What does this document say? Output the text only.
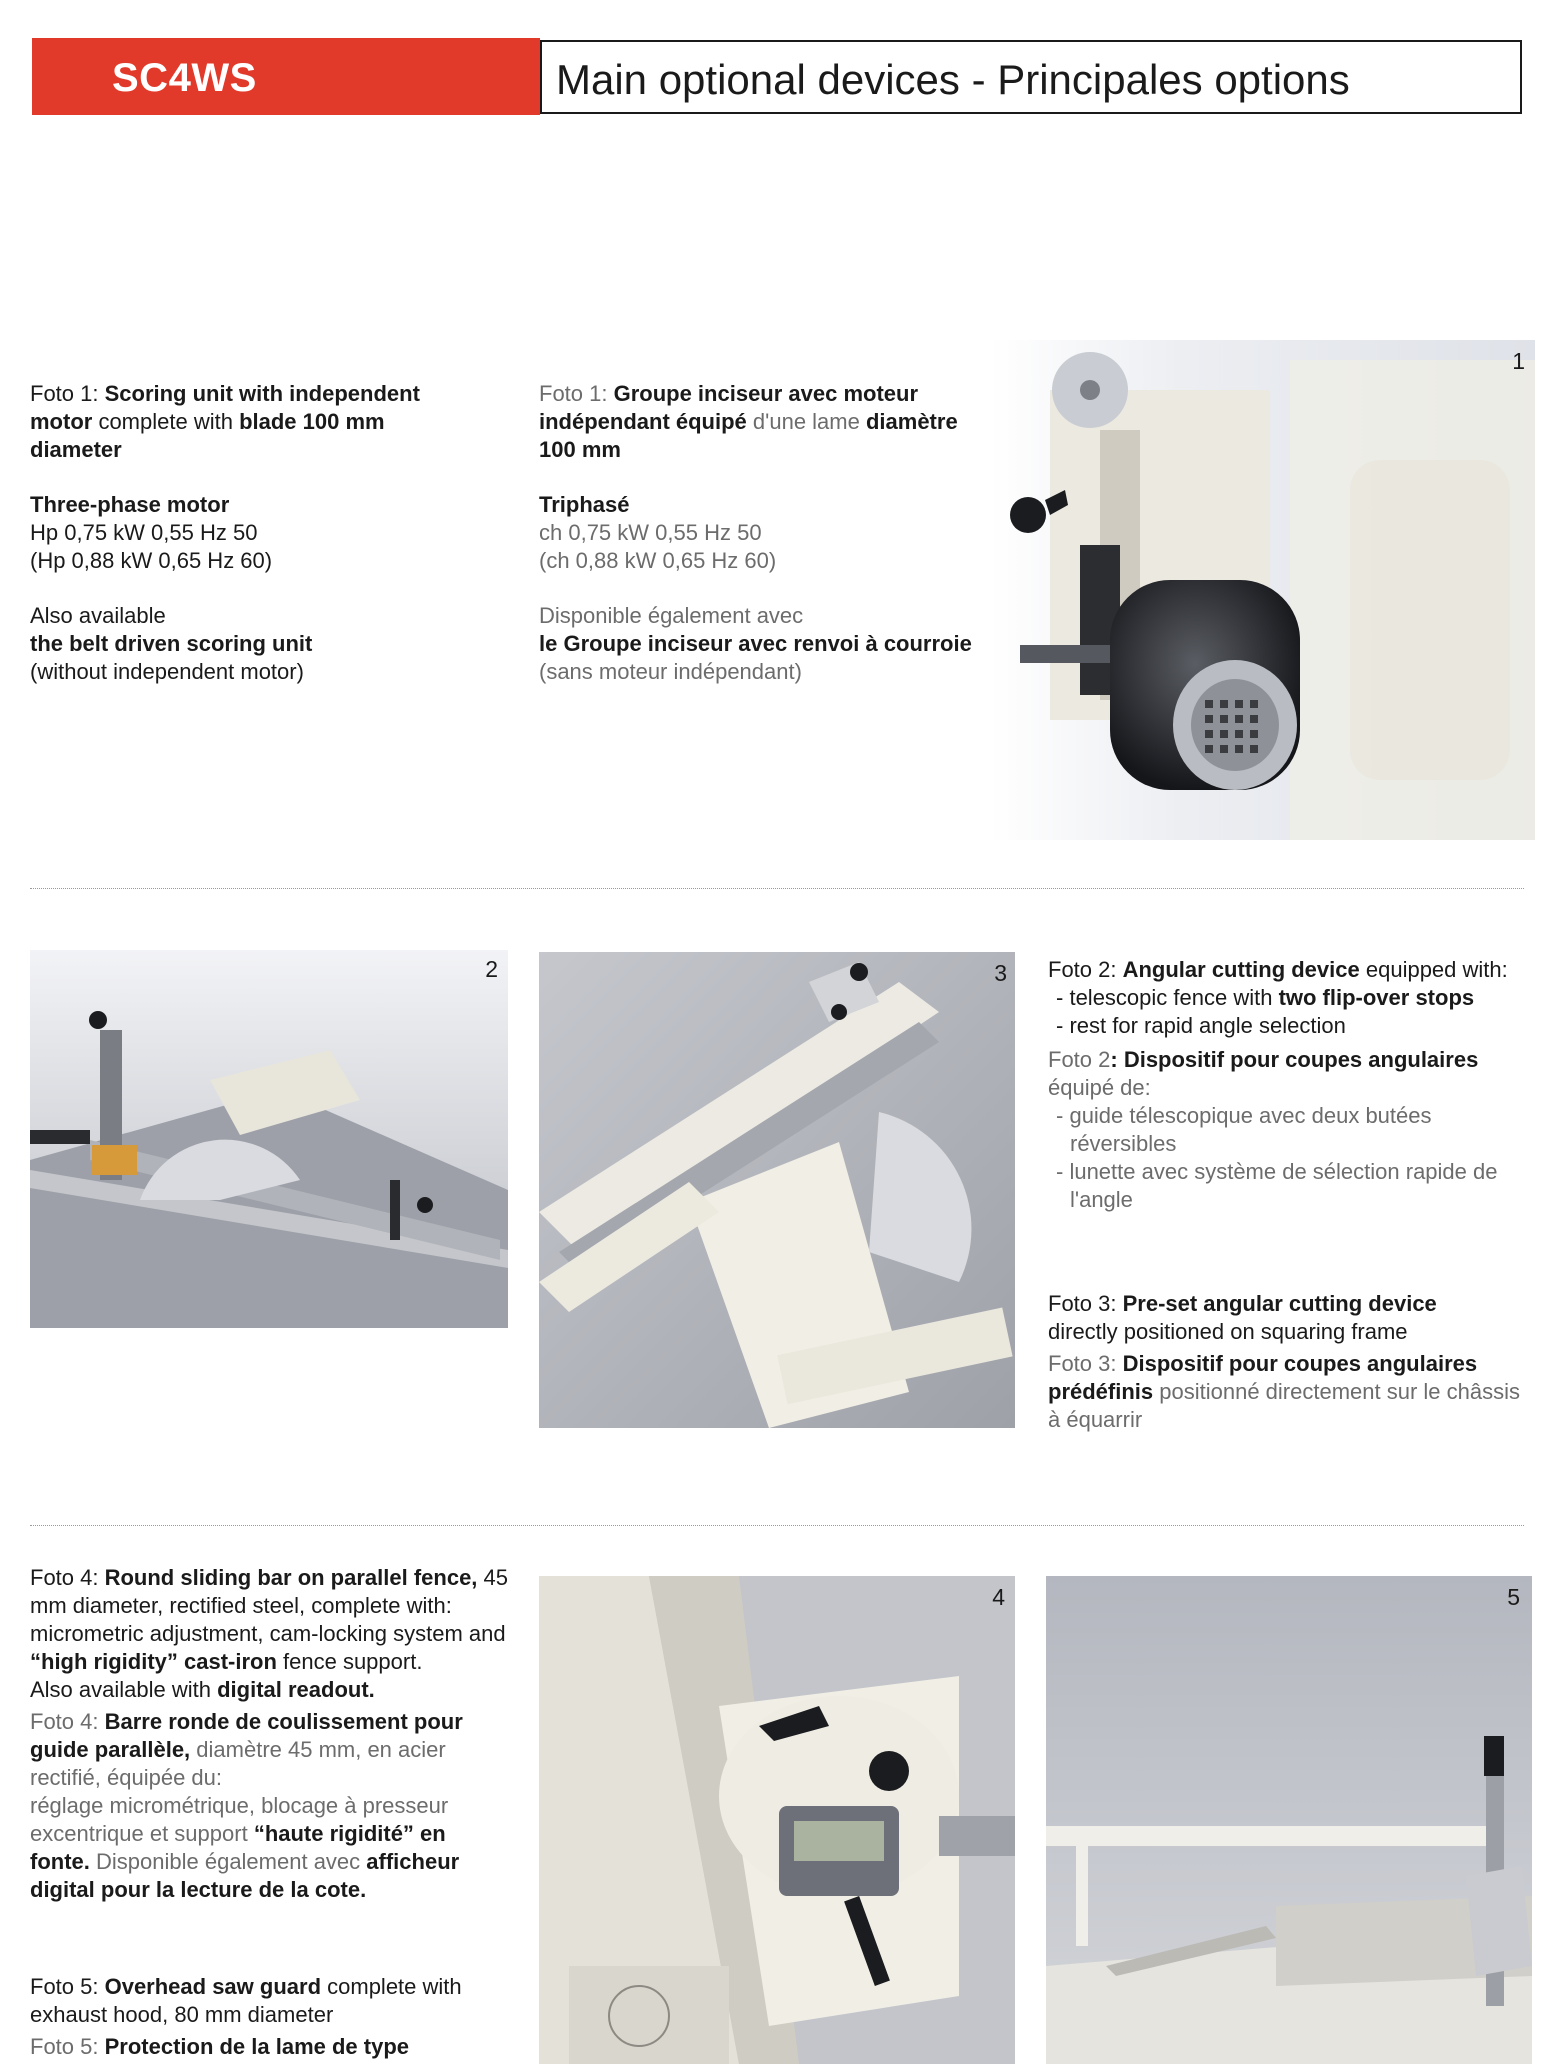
SC4WS	Main optional devices - Principales options

Foto 1: Scoring unit with independent motor complete with blade 100 mm diameter

Three-phase motor

Hp 0,75 kW 0,55 Hz 50

(Hp 0,88 kW 0,65 Hz 60)

Also available

the belt driven scoring unit

(without independent motor)

Foto 1: Groupe inciseur avec moteur indépendant équipé d'une lame diamètre 100 mm

Triphasé

ch 0,75 kW 0,55 Hz 50

(ch 0,88 kW 0,65 Hz 60)

Disponible également avec

le Groupe inciseur avec renvoi à courroie

(sans moteur indépendant)

1
2	3 Foto 2: Angular cutting device equipped with:

- telescopic fence with two flip-over stops
- rest for rapid angle selection

Foto 2: Dispositif pour coupes angulaires

équipé de:

- guide télescopique avec deux butées réversibles
- lunette avec système de sélection rapide de l'angle

Foto 3: Pre-set angular cutting device

directly positioned on squaring frame

Foto 3: Dispositif pour coupes angulaires prédéfinis positionné directement sur le châssis à équarrir

Foto 4: Round sliding bar on parallel fence, 45 mm diameter, rectified steel, complete with:

micrometric adjustment, cam-locking system and “high rigidity” cast-iron fence support.

Also available with digital readout.

Foto 4: Barre ronde de coulissement pour guide parallèle, diamètre 45 mm, en acier rectifié, équipée du:

réglage micrométrique, blocage à presseur excentrique et support “haute rigidité” en fonte. Disponible également avec afficheur digital pour la lecture de la cote.

Foto 5: Overhead saw guard complete with exhaust hood, 80 mm diameter

Foto 5: Protection de la lame de type

4	5
